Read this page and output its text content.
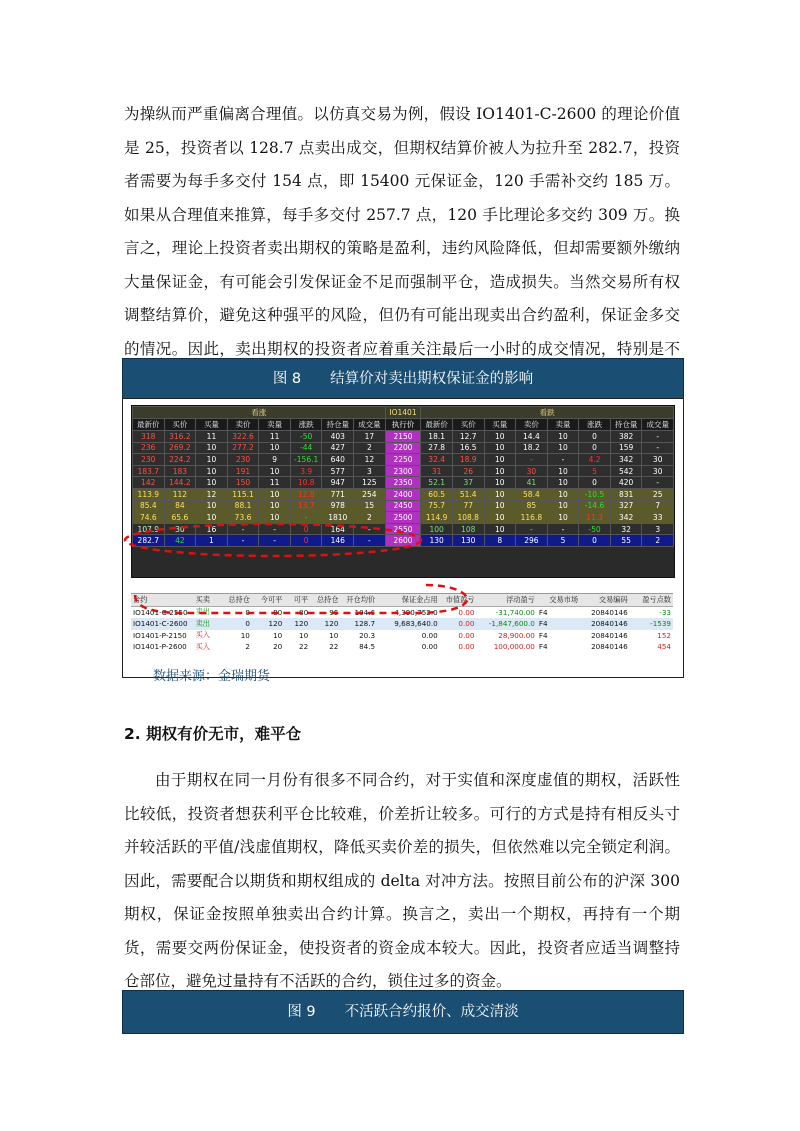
为操纵而严重偏离合理值。以仿真交易为例，假设 IO1401-C-2600 的理论价值是 25，投资者以 128.7 点卖出成交，但期权结算价被人为拉升至 282.7，投资者需要为每手多交付 154 点，即 15400 元保证金，120 手需补交约 185 万。如果从合理值来推算，每手多交付 257.7 点，120 手比理论多交约 309 万。换言之，理论上投资者卖出期权的策略是盈利，违约风险降低，但却需要额外缴纳大量保证金，有可能会引发保证金不足而强制平仓，造成损失。当然交易所有权调整结算价，避免这种强平的风险，但仍有可能出现卖出合约盈利，保证金多交的情况。因此，卖出期权的投资者应着重关注最后一小时的成交情况，特别是不

图 8　　结算价对卖出期权保证金的影响
看涨								IO1401	看跌							
最新价	买价	买量	卖价	卖量	涨跌	持仓量	成交量	执行价	最新价	买价	买量	卖价	卖量	涨跌	持仓量	成交量
318	316.2	11	322.6	11	-50	403	17	2150	18.1	12.7	10	14.4	10	0	382	-
236	269.2	10	277.2	10	-44	427	2	2200	27.8	16.5	10	18.2	10	0	159	-
230	224.2	10	230	9	-156.1	640	12	2250	32.4	18.9	10	-	-	4.2	342	30
183.7	183	10	191	10	3.9	577	3	2300	31	26	10	30	10	5	542	30
142	144.2	10	150	11	10.8	947	125	2350	52.1	37	10	41	10	0	420	-
113.9	112	12	115.1	10	12.8	771	254	2400	60.5	51.4	10	58.4	10	-10.5	831	25
85.4	84	10	88.1	10	13.7	978	15	2450	75.7	77	10	85	10	-14.6	327	7
74.6	65.6	10	73.6	10	-	1810	2	2500	114.9	108.8	10	116.8	10	11.3	342	33
107.9	30	16	-	-	0	164	-	2550	100	108	10	-	-	-50	32	3
282.7	42	1	-	-	0	146	-	2600	130	130	8	296	5	0	55	2
合约	买卖	总持仓	今可平	可平	总持仓	开仓均价	保证金占用	市值盈亏	浮动盈亏	交易市场	交易编码	盈亏点数
IO1401-C-2550	卖出	0	80	80	96	104.6	4,390,752.0	0.00	-31,740.00	F4	20840146	-33
IO1401-C-2600	卖出	0	120	120	120	128.7	9,683,640.0	0.00	-1,847,600.0	F4	20840146	-1539
IO1401-P-2150	买入	10	10	10	10	20.3	0.00	0.00	28,900.00	F4	20840146	152
IO1401-P-2600	买入	2	20	22	22	84.5	0.00	0.00	100,000.00	F4	20840146	454
数据来源：金瑞期货
2. 期权有价无市，难平仓

由于期权在同一月份有很多不同合约，对于实值和深度虚值的期权，活跃性比较低，投资者想获利平仓比较难，价差折让较多。可行的方式是持有相反头寸并较活跃的平值/浅虚值期权，降低买卖价差的损失，但依然难以完全锁定利润。因此，需要配合以期货和期权组成的 delta 对冲方法。按照目前公布的沪深 300 期权，保证金按照单独卖出合约计算。换言之，卖出一个期权，再持有一个期货，需要交两份保证金，使投资者的资金成本较大。因此，投资者应适当调整持仓部位，避免过量持有不活跃的合约，锁住过多的资金。

图 9　　不活跃合约报价、成交清淡
